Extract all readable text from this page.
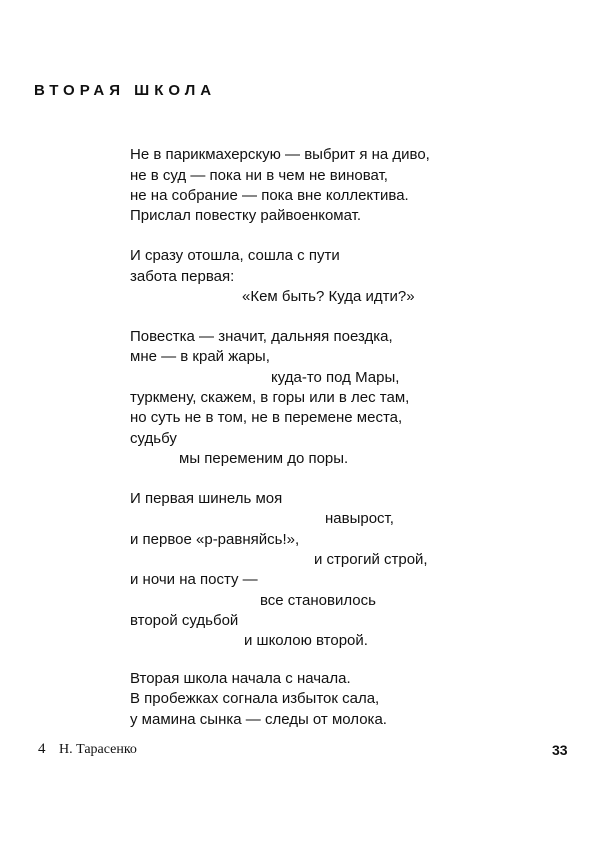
ВТОРАЯ ШКОЛА
Не в парикмахерскую — выбрит я на диво,
не в суд — пока ни в чем не виноват,
не на собрание — пока вне коллектива.
Прислал повестку райвоенкомат.
И сразу отошла, сошла с пути
забота первая:
«Кем быть? Куда идти?»
Повестка — значит, дальняя поездка,
мне — в край жары,
куда-то под Мары,
туркмену, скажем, в горы или в лес там,
но суть не в том, не в перемене места,
судьбу
мы переменим до поры.
И первая шинель моя
навырост,
и первое «р-равняйсь!»,
и строгий строй,
и ночи на посту —
все становилось
второй судьбой
и школою второй.
Вторая школа начала с начала.
В пробежках согнала избыток сала,
у мамина сынка — следы от молока.
4 Н. Тарасенко	33
